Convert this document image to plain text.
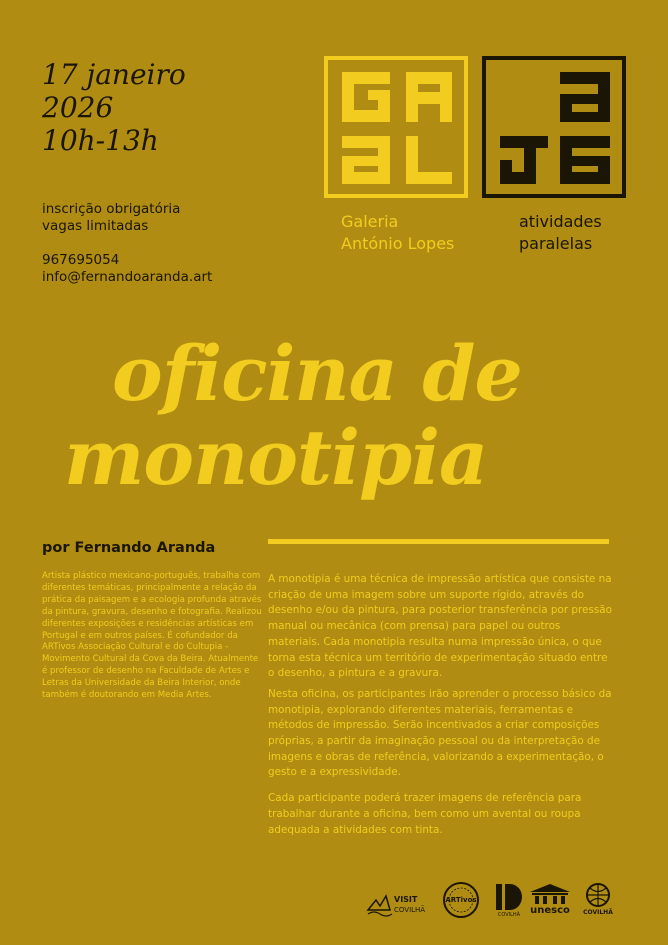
17 janeiro
2026
10h-13h
inscrição obrigatória
vagas limitadas
967695054
info@fernandoaranda.art
Galeria
António Lopes
atividades
paralelas
oficina de
monotipia
por Fernando Aranda
Artista plástico mexicano-português, trabalha com diferentes temáticas, principalmente a relação da prática da paisagem e a ecologia profunda através da pintura, gravura, desenho e fotografia. Realizou diferentes exposições e residências artísticas em Portugal e em outros países. É cofundador da ARTivos Associação Cultural e do Cultupia - Movimento Cultural da Cova da Beira. Atualmente é professor de desenho na Faculdade de Artes e Letras da Universidade da Beira Interior, onde também é doutorando em Media Artes.

A monotipia é uma técnica de impressão artística que consiste na criação de uma imagem sobre um suporte rígido, através do desenho e/ou da pintura, para posterior transferência por pressão manual ou mecânica (com prensa) para papel ou outros materiais. Cada monotipia resulta numa impressão única, o que torna esta técnica um território de experimentação situado entre o desenho, a pintura e a gravura.

Nesta oficina, os participantes irão aprender o processo básico da monotipia, explorando diferentes materiais, ferramentas e métodos de impressão. Serão incentivados a criar composições próprias, a partir da imaginação pessoal ou da interpretação de imagens e obras de referência, valorizando a experimentação, o gesto e a expressividade.

Cada participante poderá trazer imagens de referência para trabalhar durante a oficina, bem como um avental ou roupa adequada a atividades com tinta.

VISIT
COVILHÃ
ARTivos
COVILHÃ unesco COVILHÃ
